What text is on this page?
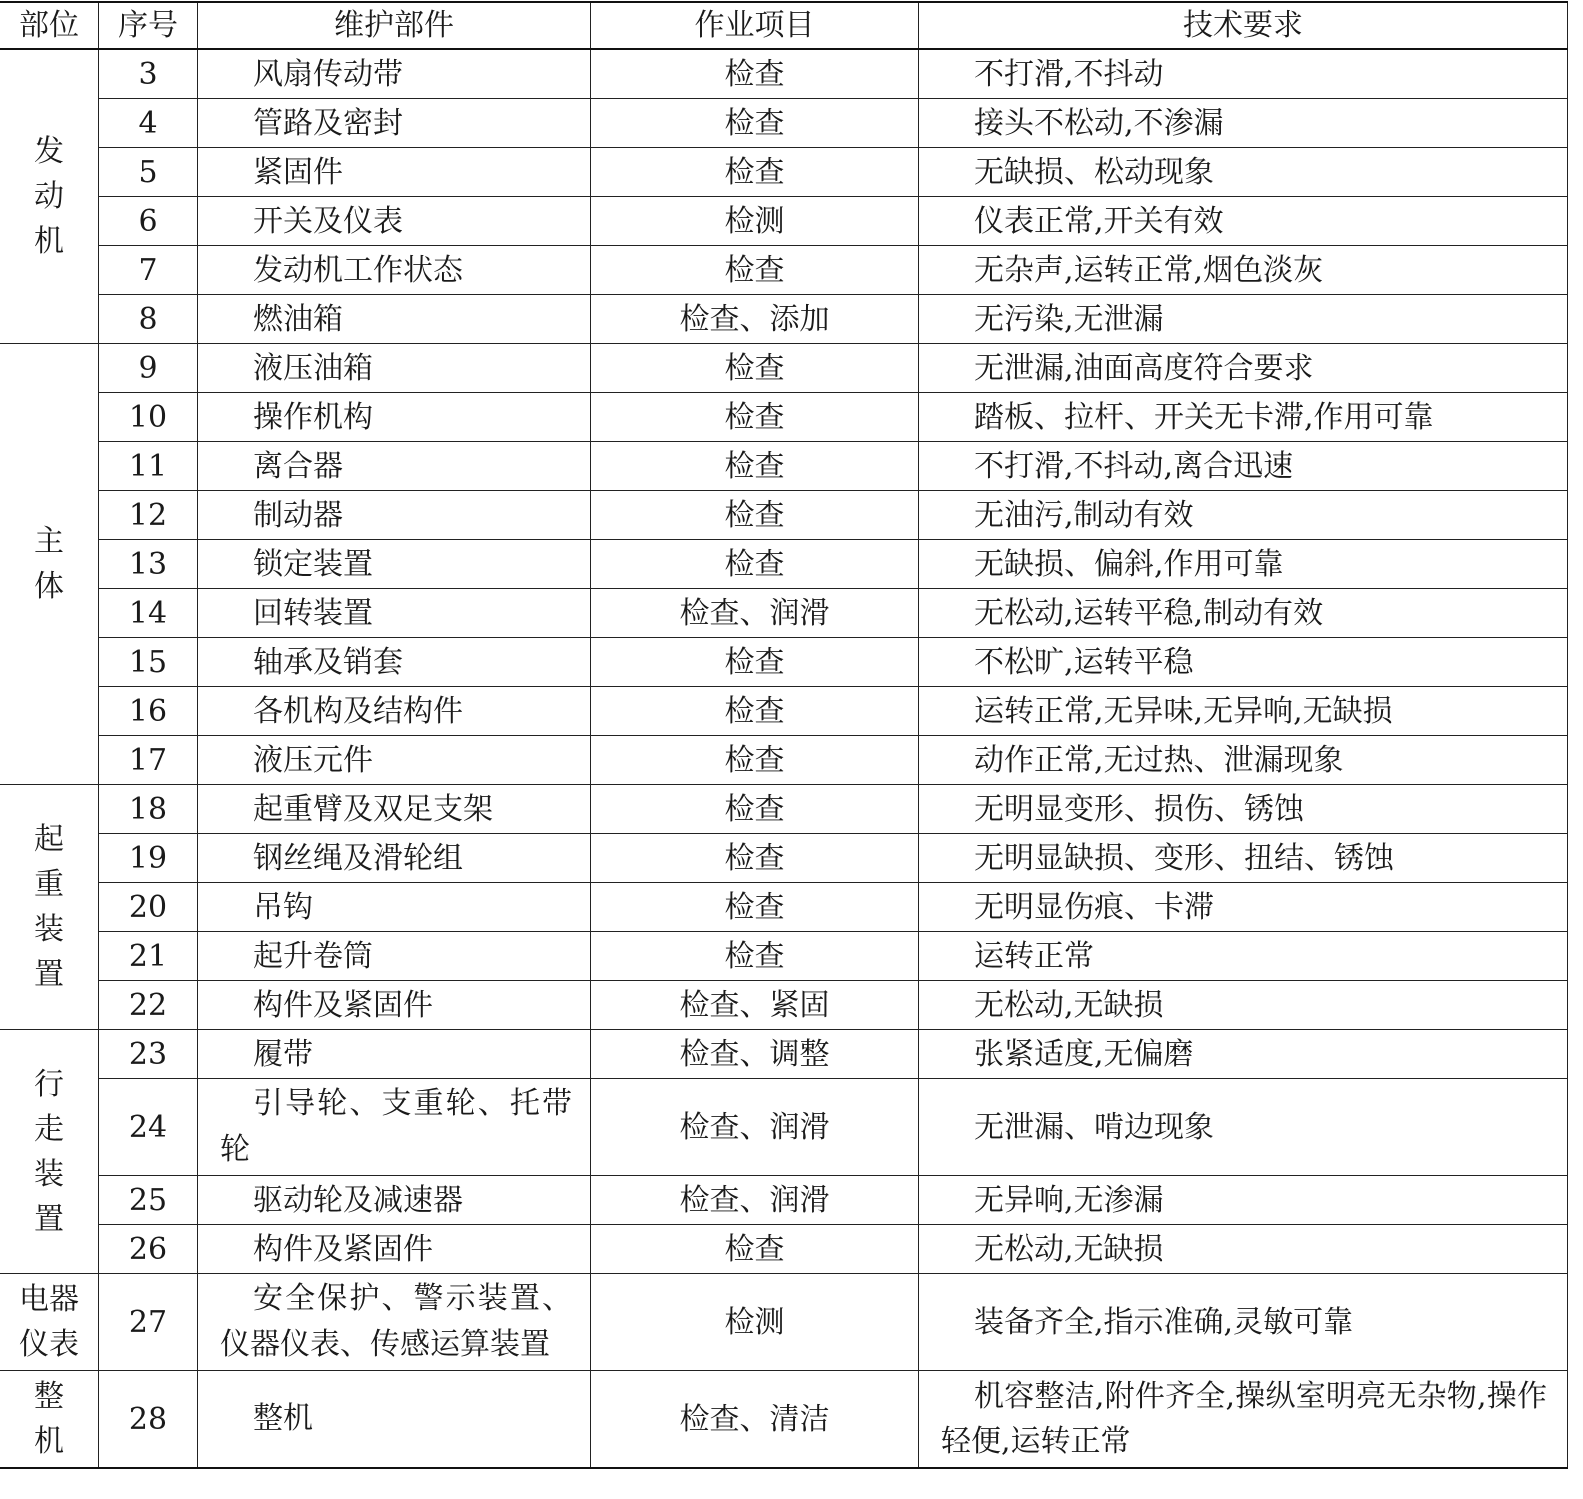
部位	序号	维护部件	作业项目	技术要求

发
动
机	3	风扇传动带	检查	不打滑,不抖动
	4	管路及密封	检查	接头不松动,不渗漏
	5	紧固件	检查	无缺损、松动现象
	6	开关及仪表	检测	仪表正常,开关有效
	7	发动机工作状态	检查	无杂声,运转正常,烟色淡灰
	8	燃油箱	检查、添加	无污染,无泄漏

主
体	9	液压油箱	检查	无泄漏,油面高度符合要求
	10	操作机构	检查	踏板、拉杆、开关无卡滞,作用可靠
	11	离合器	检查	不打滑,不抖动,离合迅速
	12	制动器	检查	无油污,制动有效
	13	锁定装置	检查	无缺损、偏斜,作用可靠
	14	回转装置	检查、润滑	无松动,运转平稳,制动有效
	15	轴承及销套	检查	不松旷,运转平稳
	16	各机构及结构件	检查	运转正常,无异味,无异响,无缺损
	17	液压元件	检查	动作正常,无过热、泄漏现象

起
重
装
置	18	起重臂及双足支架	检查	无明显变形、损伤、锈蚀
	19	钢丝绳及滑轮组	检查	无明显缺损、变形、扭结、锈蚀
	20	吊钩	检查	无明显伤痕、卡滞
	21	起升卷筒	检查	运转正常
	22	构件及紧固件	检查、紧固	无松动,无缺损

行
走
装
置	23	履带	检查、调整	张紧适度,无偏磨
	24	引导轮、支重轮、托带轮	检查、润滑	无泄漏、啃边现象
	25	驱动轮及减速器	检查、润滑	无异响,无渗漏
	26	构件及紧固件	检查	无松动,无缺损

电器
仪表	27	安全保护、警示装置、仪器仪表、传感运算装置	检测	装备齐全,指示准确,灵敏可靠

整
机	28	整机	检查、清洁	机容整洁,附件齐全,操纵室明亮无杂物,操作轻便,运转正常
